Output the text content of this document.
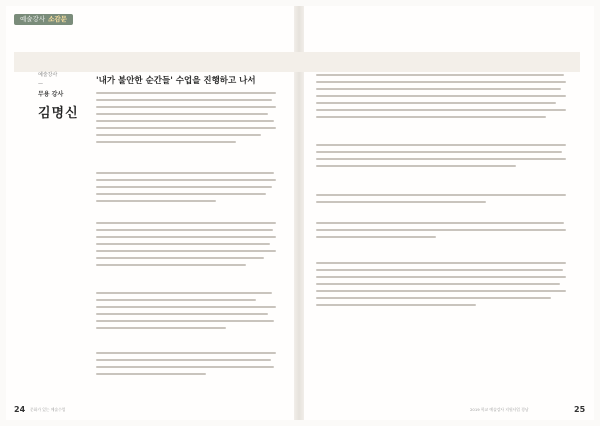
예술강사 소감문
예술강사
—
무용 강사
김명신
'내가 불안한 순간들' 수업을 진행하고 나서
24 문화가 있는 예술수업	2019 학교 예술강사 지원사업 경남	25
